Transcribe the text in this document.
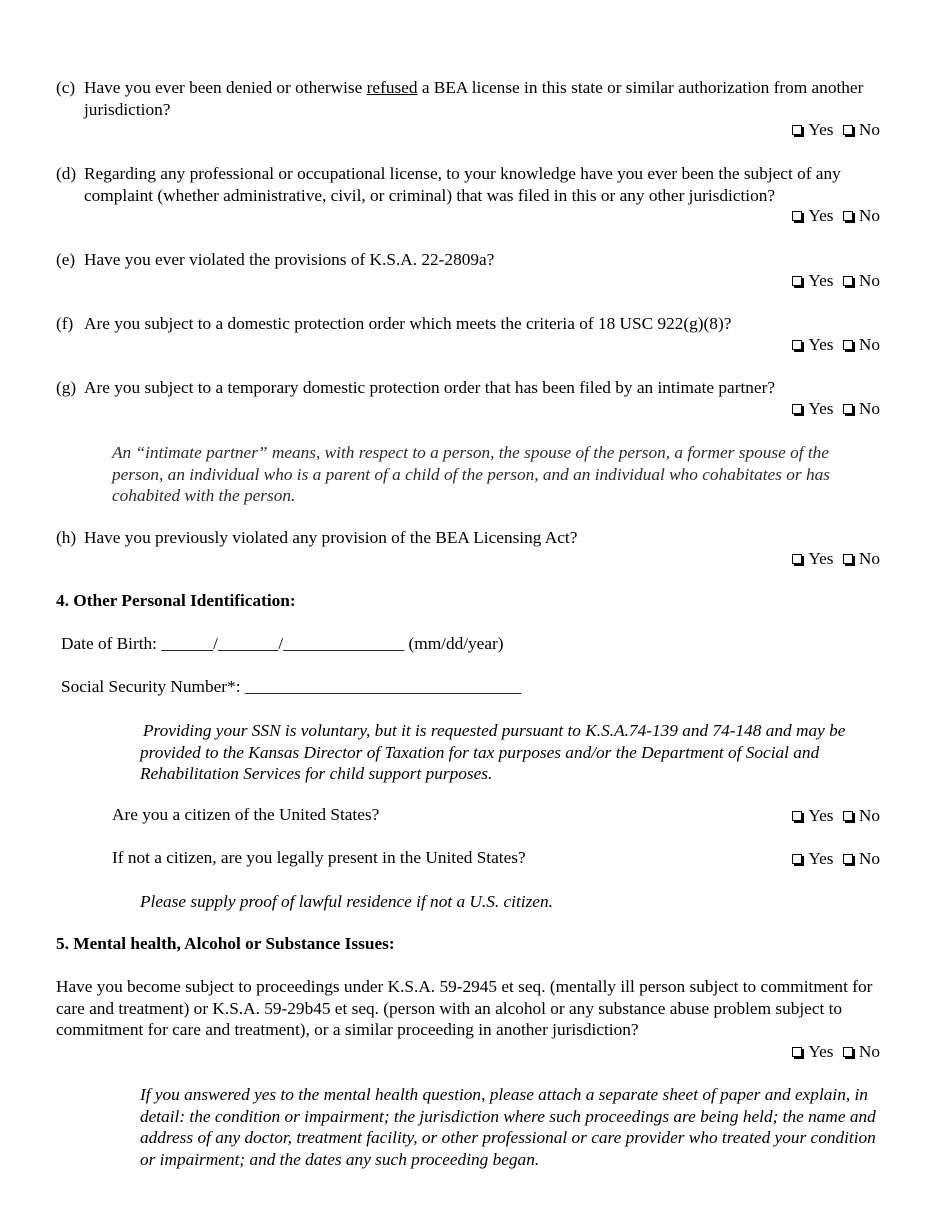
(c) Have you ever been denied or otherwise refused a BEA license in this state or similar authorization from another jurisdiction?
Yes No
(d) Regarding any professional or occupational license, to your knowledge have you ever been the subject of any complaint (whether administrative, civil, or criminal) that was filed in this or any other jurisdiction?
Yes No
(e) Have you ever violated the provisions of K.S.A. 22-2809a?
Yes No
(f) Are you subject to a domestic protection order which meets the criteria of 18 USC 922(g)(8)?
Yes No
(g) Are you subject to a temporary domestic protection order that has been filed by an intimate partner?
Yes No

An “intimate partner” means, with respect to a person, the spouse of the person, a former spouse of the person, an individual who is a parent of a child of the person, and an individual who cohabitates or has cohabited with the person.

(h) Have you previously violated any provision of the BEA Licensing Act?
Yes No
4. Other Personal Identification:
Date of Birth: ______/_______/______________ (mm/dd/year)
Social Security Number*: ________________________________

Providing your SSN is voluntary, but it is requested pursuant to K.S.A.74-139 and 74-148 and may be provided to the Kansas Director of Taxation for tax purposes and/or the Department of Social and Rehabilitation Services for child support purposes.

Are you a citizen of the United States?	Yes No
If not a citizen, are you legally present in the United States?	Yes No
Please supply proof of lawful residence if not a U.S. citizen.
5. Mental health, Alcohol or Substance Issues:

Have you become subject to proceedings under K.S.A. 59-2945 et seq. (mentally ill person subject to commitment for care and treatment) or K.S.A. 59-29b45 et seq. (person with an alcohol or any substance abuse problem subject to commitment for care and treatment), or a similar proceeding in another jurisdiction?

Yes No

If you answered yes to the mental health question, please attach a separate sheet of paper and explain, in detail: the condition or impairment; the jurisdiction where such proceedings are being held; the name and address of any doctor, treatment facility, or other professional or care provider who treated your condition or impairment; and the dates any such proceeding began.
